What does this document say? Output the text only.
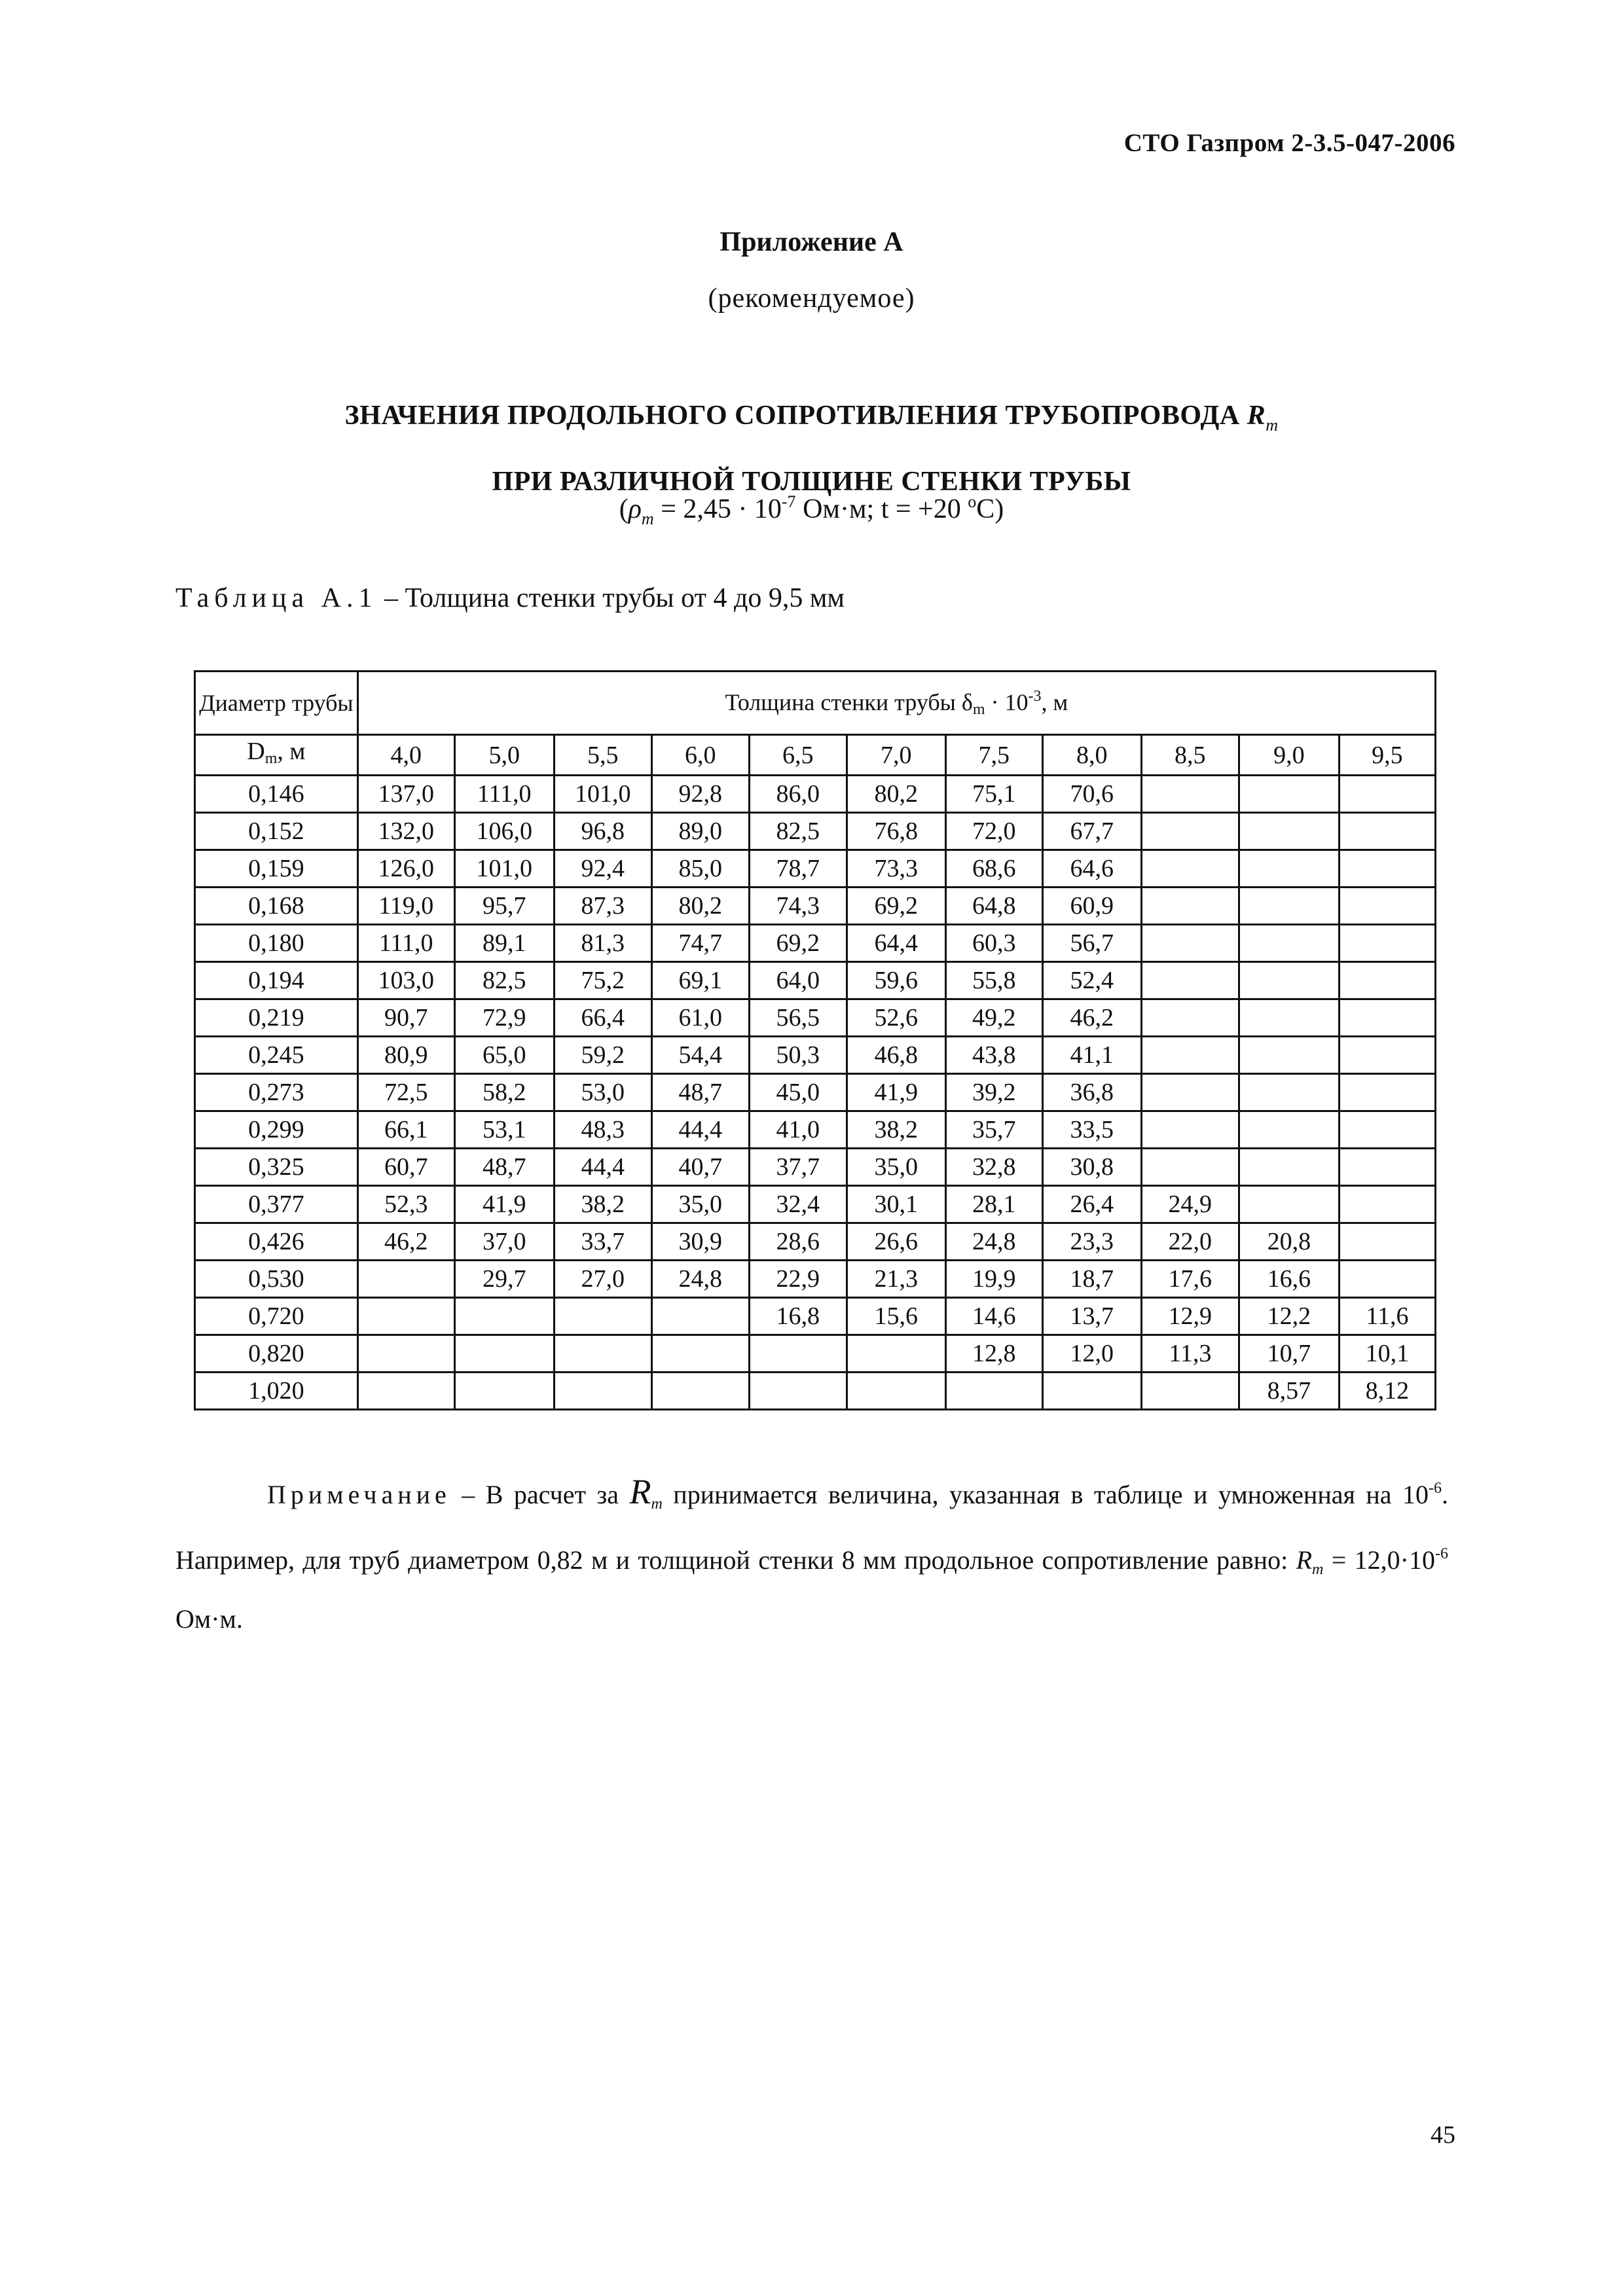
СТО Газпром 2-3.5-047-2006
Приложение А
(рекомендуемое)
ЗНАЧЕНИЯ ПРОДОЛЬНОГО СОПРОТИВЛЕНИЯ ТРУБОПРОВОДА $R_m$
ПРИ РАЗЛИЧНОЙ ТОЛЩИНЕ СТЕНКИ ТРУБЫ
($\rho_m = 2,45 \cdot 10^{-7}$ Ом·м; t = +20 $^о$С)
Таблица А.1 – Толщина стенки трубы от 4 до 9,5 мм
Диаметр трубы	Толщина стенки трубы $\delta_m \cdot 10^{-3}$, м										
$D_m$, м	4,0	5,0	5,5	6,0	6,5	7,0	7,5	8,0	8,5	9,0	9,5
0,146	137,0	111,0	101,0	92,8	86,0	80,2	75,1	70,6			
0,152	132,0	106,0	96,8	89,0	82,5	76,8	72,0	67,7			
0,159	126,0	101,0	92,4	85,0	78,7	73,3	68,6	64,6			
0,168	119,0	95,7	87,3	80,2	74,3	69,2	64,8	60,9			
0,180	111,0	89,1	81,3	74,7	69,2	64,4	60,3	56,7			
0,194	103,0	82,5	75,2	69,1	64,0	59,6	55,8	52,4			
0,219	90,7	72,9	66,4	61,0	56,5	52,6	49,2	46,2			
0,245	80,9	65,0	59,2	54,4	50,3	46,8	43,8	41,1			
0,273	72,5	58,2	53,0	48,7	45,0	41,9	39,2	36,8			
0,299	66,1	53,1	48,3	44,4	41,0	38,2	35,7	33,5			
0,325	60,7	48,7	44,4	40,7	37,7	35,0	32,8	30,8			
0,377	52,3	41,9	38,2	35,0	32,4	30,1	28,1	26,4	24,9		
0,426	46,2	37,0	33,7	30,9	28,6	26,6	24,8	23,3	22,0	20,8	
0,530		29,7	27,0	24,8	22,9	21,3	19,9	18,7	17,6	16,6	
0,720					16,8	15,6	14,6	13,7	12,9	12,2	11,6
0,820							12,8	12,0	11,3	10,7	10,1
1,020										8,57	8,12
Примечание – В расчет за $R_m$ принимается величина, указанная в таблице и умноженная на $10^{-6}$. Например, для труб диаметром 0,82 м и толщиной стенки 8 мм продольное сопротивление равно: $R_m = 12,0\cdot 10^{-6}$ Ом·м.
45
